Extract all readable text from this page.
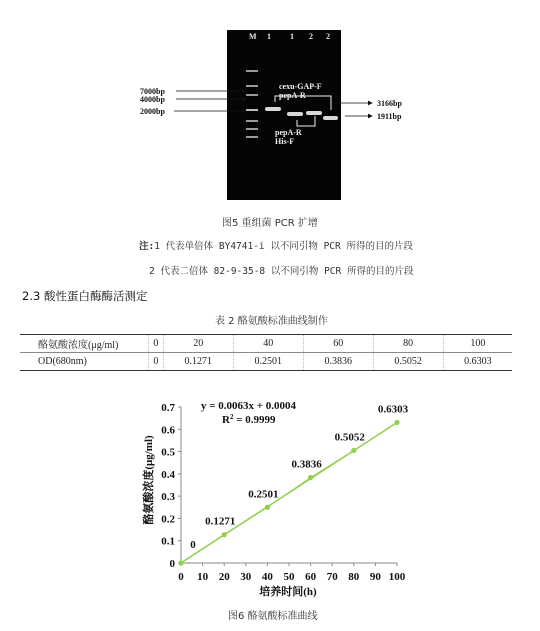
M 1 1 2 2
cexu-GAP-F
pepA-R
pepA-R
His-F
7000bp
4000bp
2000bp
3166bp
1911bp
图5 重组菌 PCR 扩增
注:1 代表单倍体 BY4741-i 以不同引物 PCR 所得的目的片段
2 代表二倍体 82-9-35-8 以不同引物 PCR 所得的目的片段
2.3 酸性蛋白酶酶活测定
表 2 酪氨酸标准曲线制作
酪氨酸浓度(μg/ml)	0	20	40	60	80	100
OD(680nm)	0	0.1271	0.2501	0.3836	0.5052	0.6303
0 10 20 30 40 50 60 70 80 90 100
0
0.1
0.2
0.3
0.4
0.5
0.6
0.7
0
0.1271
0.2501
0.3836
0.5052
0.6303
y = 0.0063x + 0.0004
$R^2 = 0.9999$
培养时间(h)
酪氨酸浓度(μg/ml)
图6 酪氨酸标准曲线
